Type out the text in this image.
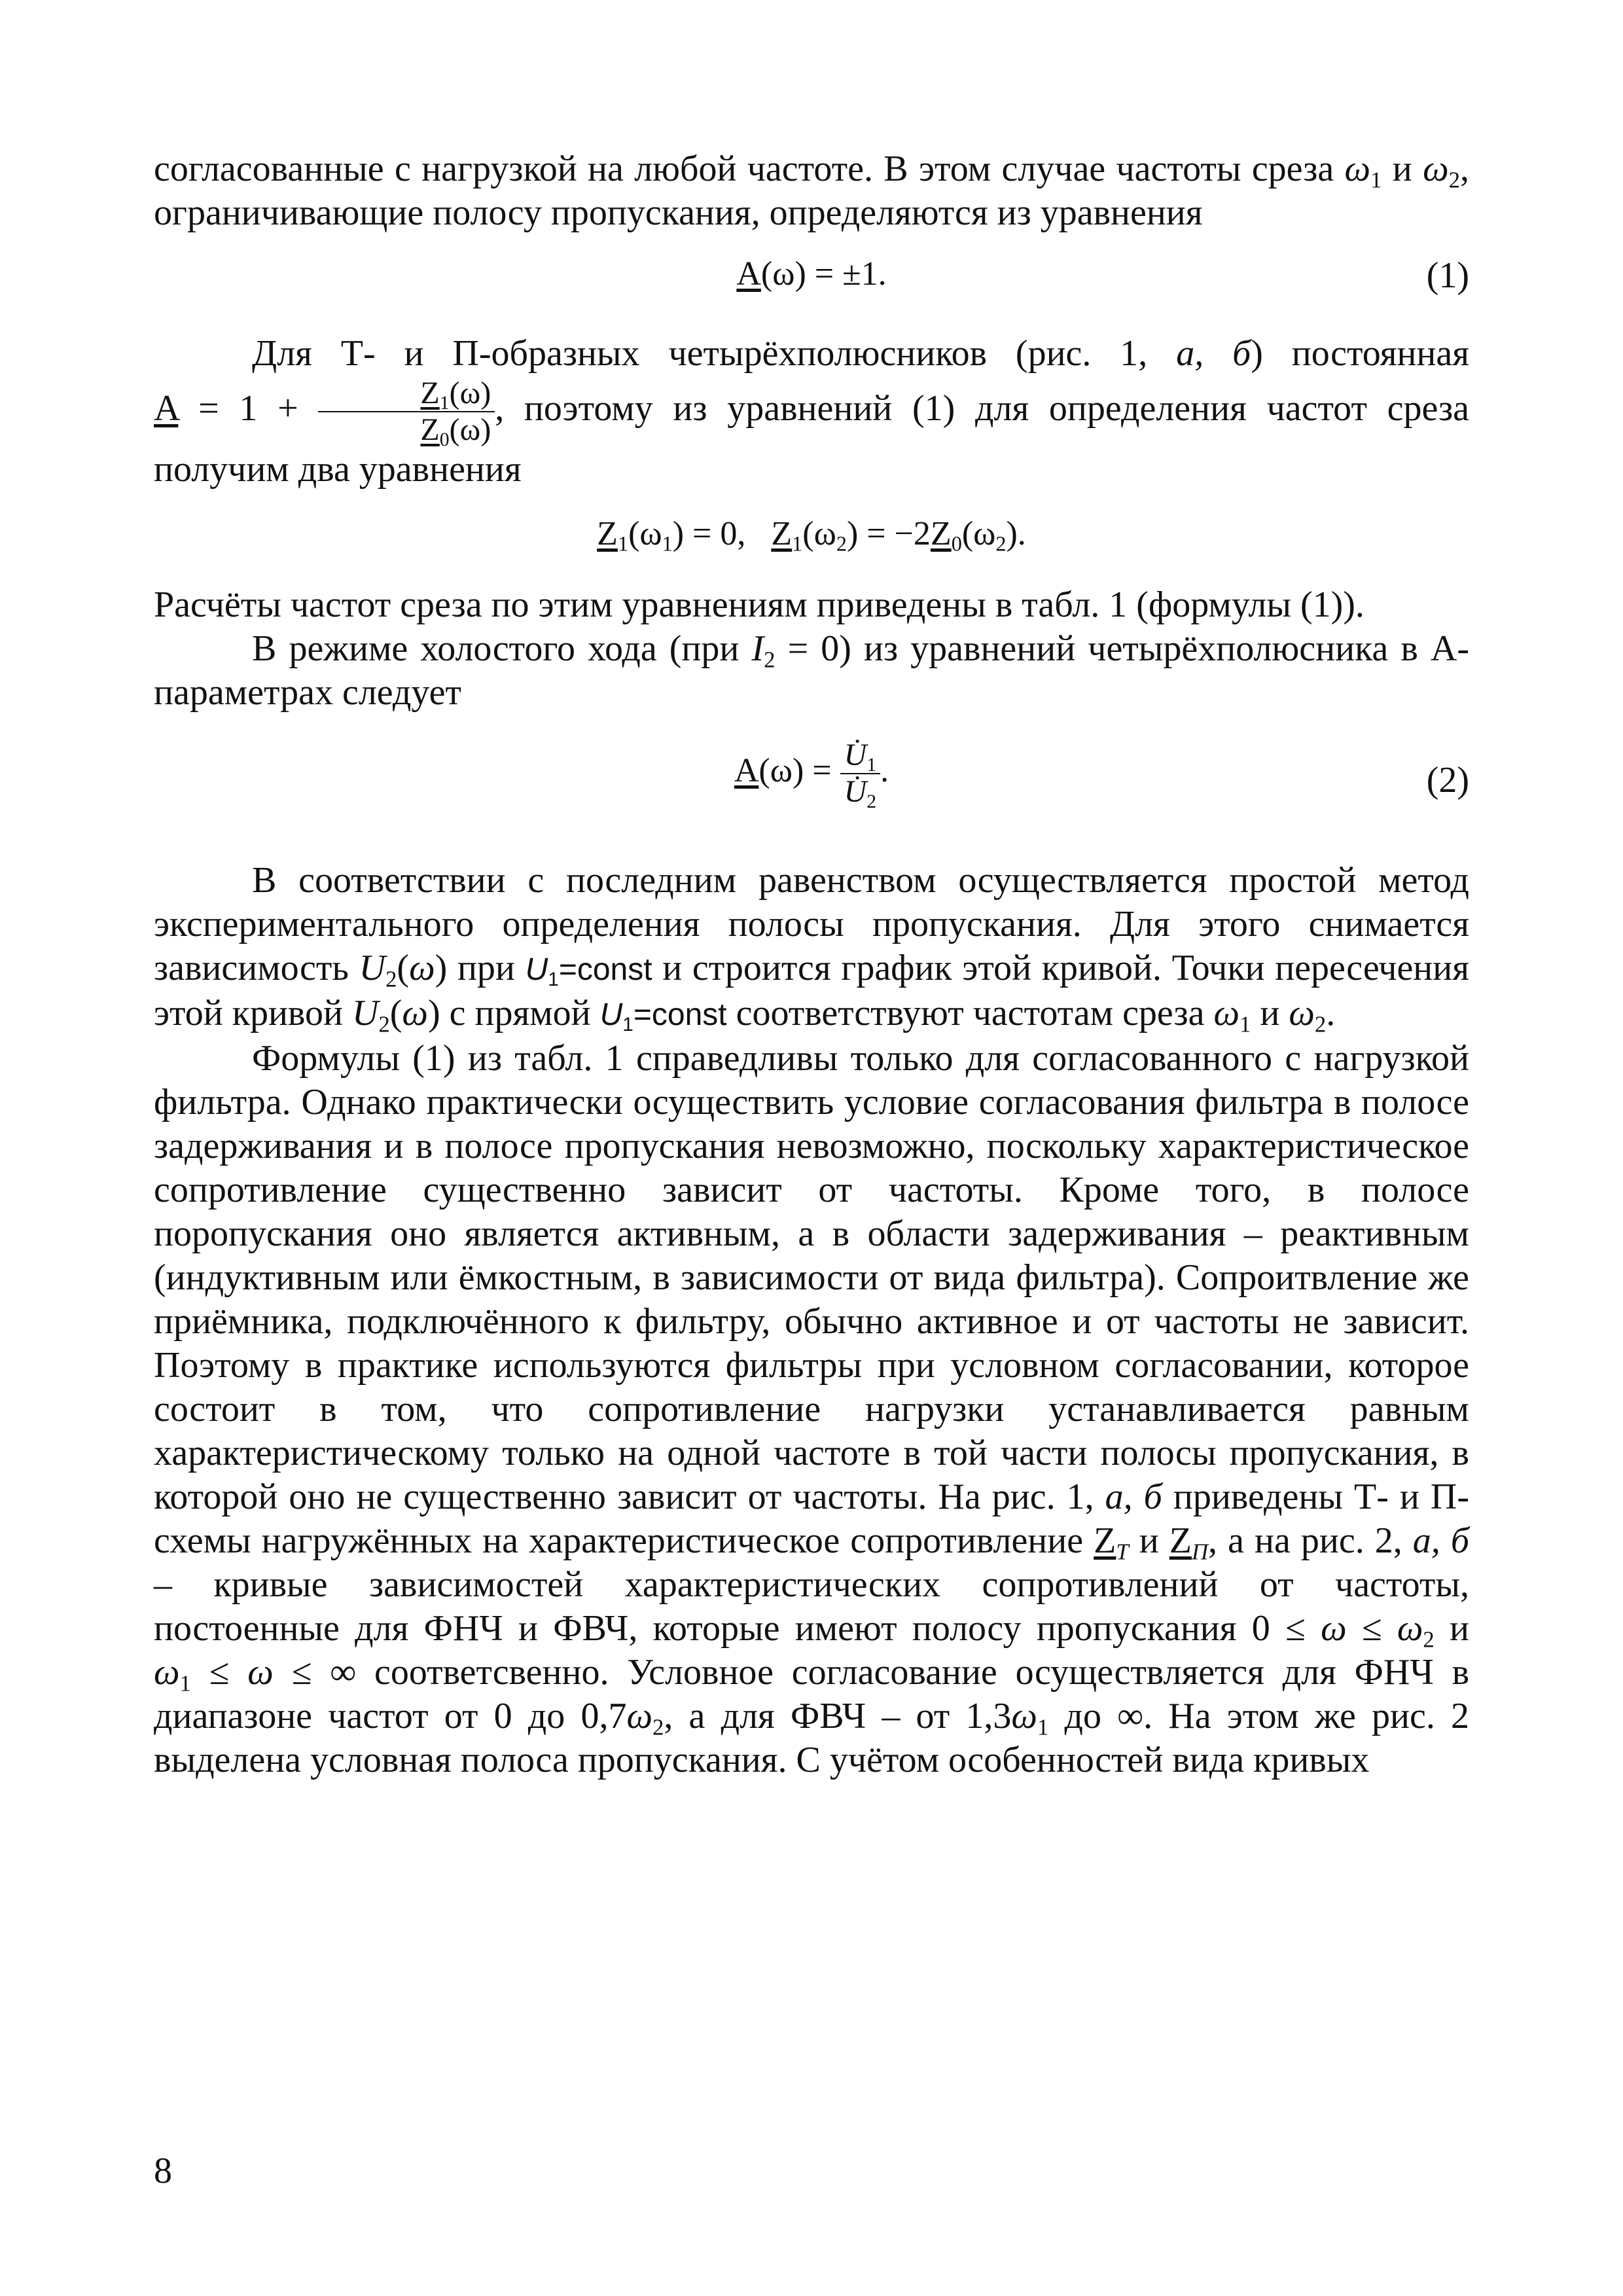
согласованные с нагрузкой на любой частоте. В этом случае частоты среза $\omega_1$ и $\omega_2$, ограничивающие полосу пропускания, определяются из уравнения

A(ω) = ±1.	(1)

Для Т- и П-образных четырёхполюсников (рис. 1, а, б) постоянная $A = 1 + \frac{Z_1(\omega)}{Z_0(\omega)}$ , поэтому из уравнений (1) для определения частот среза получим два уравнения

$Z_1(\omega_1) = 0$, $Z_1(\omega_2) = -2Z_0(\omega_2)$.

Расчёты частот среза по этим уравнениям приведены в табл. 1 (формулы (1)).

В режиме холостого хода (при $I_2 = 0$) из уравнений четырёхполюсника в А-параметрах следует

$A(\omega) = \frac{U̇_1}{U̇_2}$ .	(2)

В соответствии с последним равенством осуществляется простой метод экспериментального определения полосы пропускания. Для этого снимается зависимость $U_2(\omega)$ при $U_1=const$ и строится график этой кривой. Точки пересечения этой кривой $U_2(\omega)$ с прямой $U_1=const$ соответствуют частотам среза $\omega_1$ и $\omega_2$.

Формулы (1) из табл. 1 справедливы только для согласованного с нагрузкой фильтра. Однако практически осуществить условие согласования фильтра в полосе задерживания и в полосе пропускания невозможно, поскольку характеристическое сопротивление существенно зависит от частоты. Кроме того, в полосе поропускания оно является активным, а в области задерживания – реактивным (индуктивным или ёмкостным, в зависимости от вида фильтра). Сопроитвление же приёмника, подключённого к фильтру, обычно активное и от частоты не зависит. Поэтому в практике используются фильтры при условном согласовании, которое состоит в том, что сопротивление нагрузки устанавливается равным характеристическому только на одной частоте в той части полосы пропускания, в которой оно не существенно зависит от частоты. На рис. 1, а, б приведены Т- и П-схемы нагружённых на характеристическое сопротивление $Z_T$ и $Z_П$, а на рис. 2, а, б – кривые зависимостей характеристических сопротивлений от частоты, постоенные для ФНЧ и ФВЧ, которые имеют полосу пропускания $0 \le \omega \le \omega_2$ и $\omega_1 \le \omega$ ≤ ∞ соответсвенно. Условное согласование осуществляется для ФНЧ в диапазоне частот от 0 до $0,7\omega_2$, а для ФВЧ – от $1,3\omega_1$ до ∞. На этом же рис. 2 выделена условная полоса пропускания. С учётом особенностей вида кривых

8
